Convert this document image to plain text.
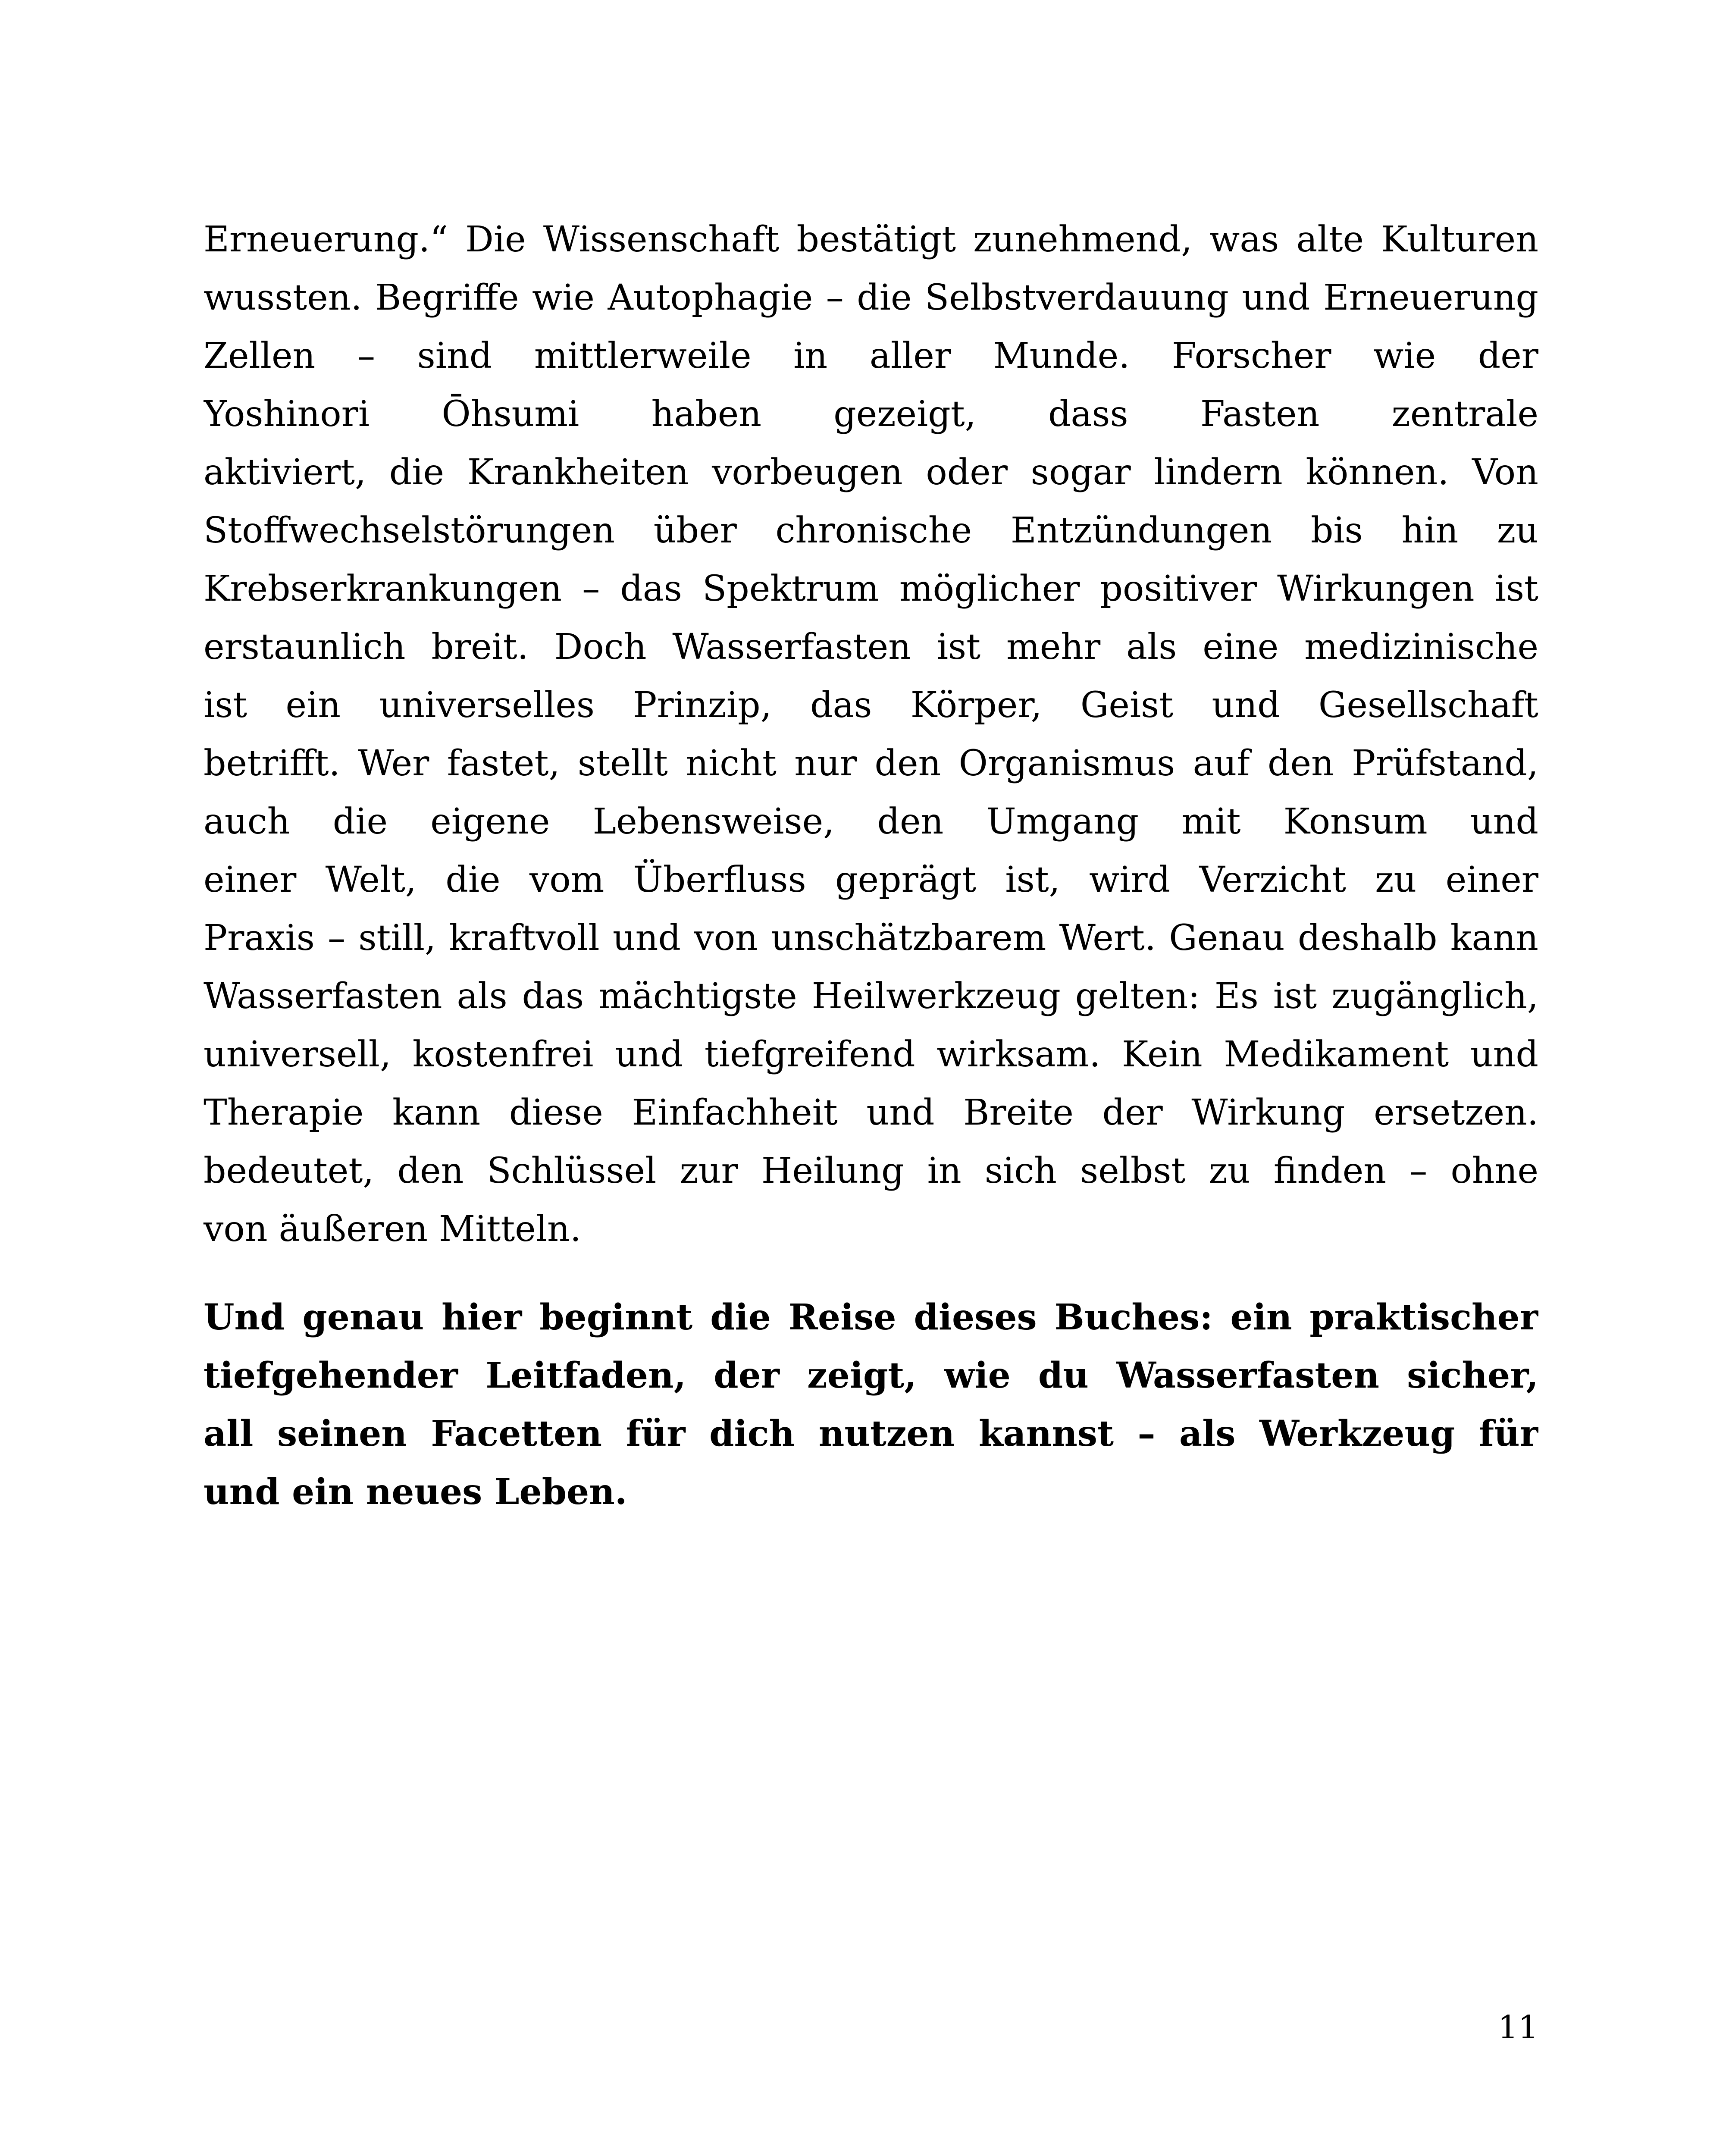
Erneuerung.“ Die Wissenschaft bestätigt zunehmend, was alte Kulturen
wussten. Begriffe wie Autophagie – die Selbstverdauung und Erneuerung
Zellen – sind mittlerweile in aller Munde. Forscher wie der
Yoshinori Ōhsumi haben gezeigt, dass Fasten zentrale
aktiviert, die Krankheiten vorbeugen oder sogar lindern können. Von
Stoffwechselstörungen über chronische Entzündungen bis hin zu
Krebserkrankungen – das Spektrum möglicher positiver Wirkungen ist
erstaunlich breit. Doch Wasserfasten ist mehr als eine medizinische
ist ein universelles Prinzip, das Körper, Geist und Gesellschaft
betrifft. Wer fastet, stellt nicht nur den Organismus auf den Prüfstand,
auch die eigene Lebensweise, den Umgang mit Konsum und
einer Welt, die vom Überfluss geprägt ist, wird Verzicht zu einer
Praxis – still, kraftvoll und von unschätzbarem Wert. Genau deshalb kann
Wasserfasten als das mächtigste Heilwerkzeug gelten: Es ist zugänglich,
universell, kostenfrei und tiefgreifend wirksam. Kein Medikament und
Therapie kann diese Einfachheit und Breite der Wirkung ersetzen.
bedeutet, den Schlüssel zur Heilung in sich selbst zu finden – ohne
von äußeren Mitteln.
Und genau hier beginnt die Reise dieses Buches: ein praktischer
tiefgehender Leitfaden, der zeigt, wie du Wasserfasten sicher,
all seinen Facetten für dich nutzen kannst – als Werkzeug für
und ein neues Leben.
11
